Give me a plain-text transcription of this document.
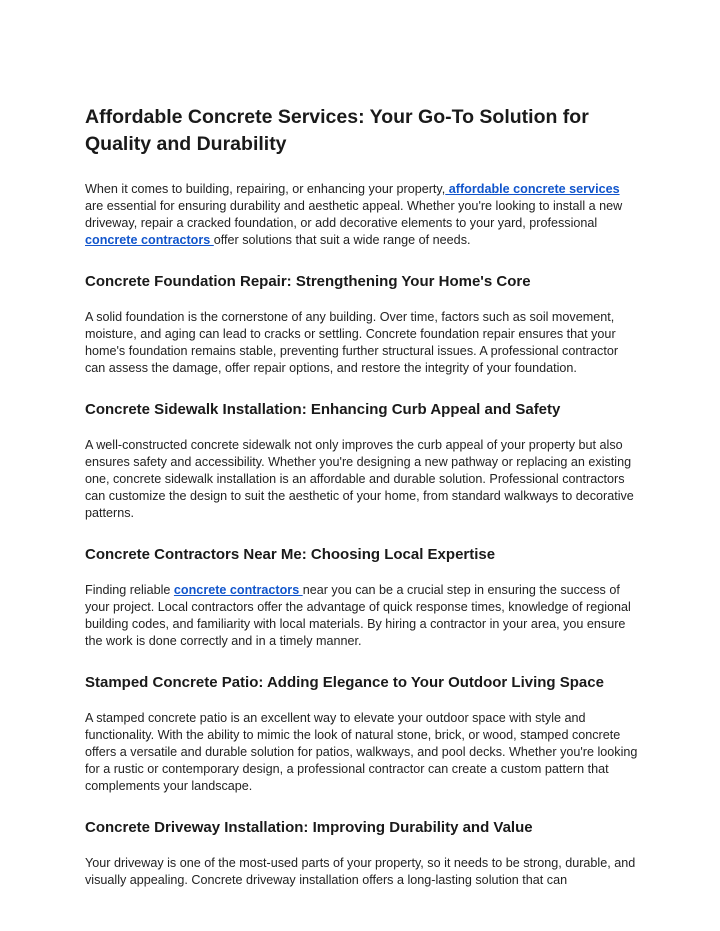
Affordable Concrete Services: Your Go-To Solution for Quality and Durability

When it comes to building, repairing, or enhancing your property, affordable concrete services are essential for ensuring durability and aesthetic appeal. Whether you're looking to install a new driveway, repair a cracked foundation, or add decorative elements to your yard, professional concrete contractors offer solutions that suit a wide range of needs.

Concrete Foundation Repair: Strengthening Your Home's Core

A solid foundation is the cornerstone of any building. Over time, factors such as soil movement, moisture, and aging can lead to cracks or settling. Concrete foundation repair ensures that your home's foundation remains stable, preventing further structural issues. A professional contractor can assess the damage, offer repair options, and restore the integrity of your foundation.

Concrete Sidewalk Installation: Enhancing Curb Appeal and Safety

A well-constructed concrete sidewalk not only improves the curb appeal of your property but also ensures safety and accessibility. Whether you're designing a new pathway or replacing an existing one, concrete sidewalk installation is an affordable and durable solution. Professional contractors can customize the design to suit the aesthetic of your home, from standard walkways to decorative patterns.

Concrete Contractors Near Me: Choosing Local Expertise

Finding reliable concrete contractors near you can be a crucial step in ensuring the success of your project. Local contractors offer the advantage of quick response times, knowledge of regional building codes, and familiarity with local materials. By hiring a contractor in your area, you ensure the work is done correctly and in a timely manner.

Stamped Concrete Patio: Adding Elegance to Your Outdoor Living Space

A stamped concrete patio is an excellent way to elevate your outdoor space with style and functionality. With the ability to mimic the look of natural stone, brick, or wood, stamped concrete offers a versatile and durable solution for patios, walkways, and pool decks. Whether you're looking for a rustic or contemporary design, a professional contractor can create a custom pattern that complements your landscape.

Concrete Driveway Installation: Improving Durability and Value

Your driveway is one of the most-used parts of your property, so it needs to be strong, durable, and visually appealing. Concrete driveway installation offers a long-lasting solution that can
